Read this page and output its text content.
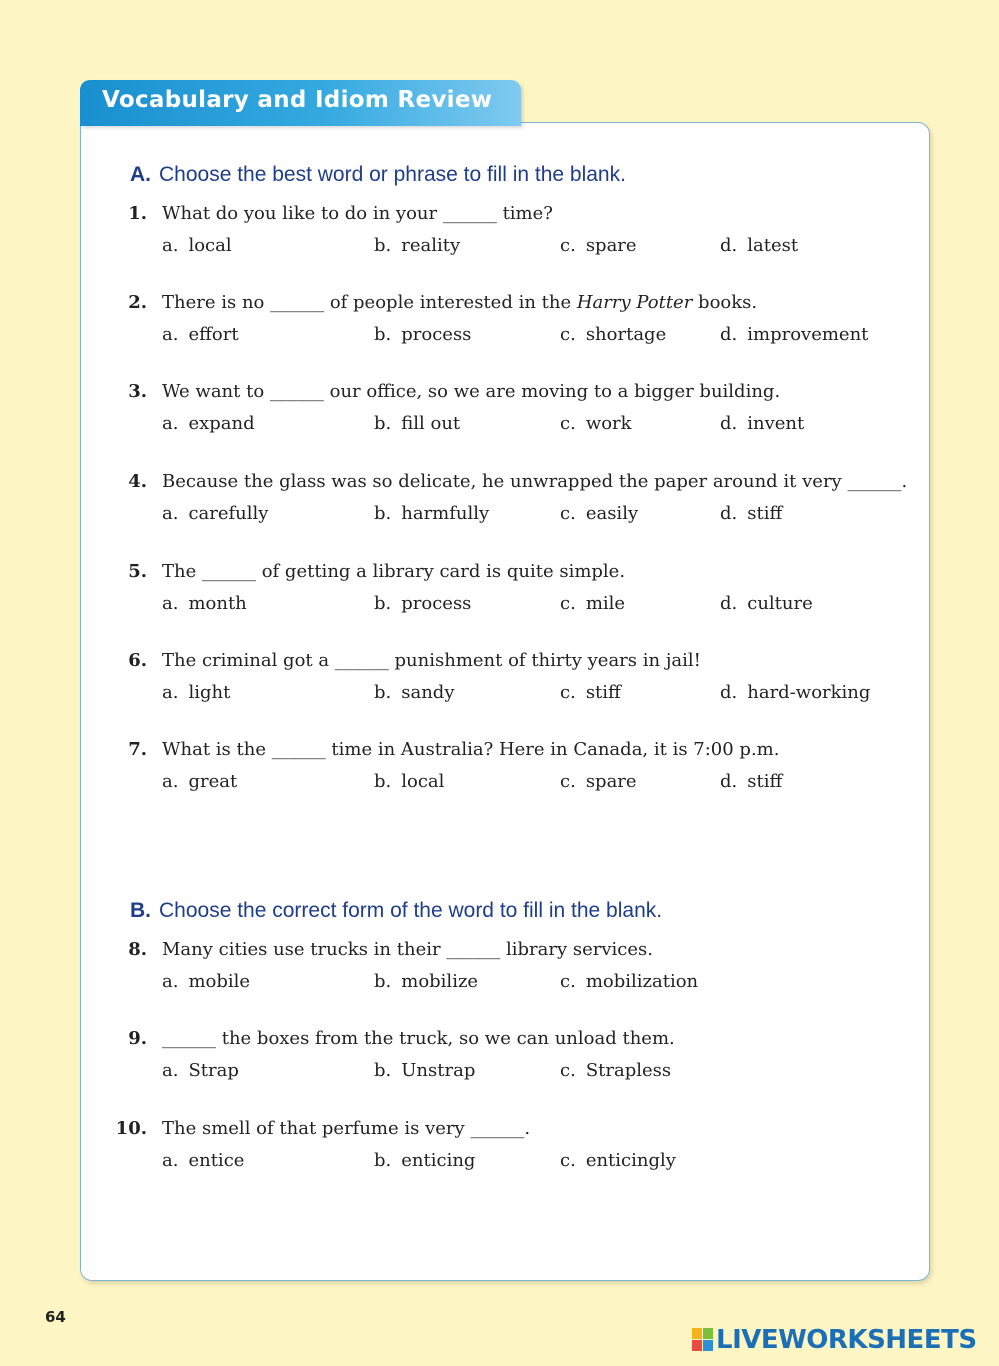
Vocabulary and Idiom Review
A. Choose the best word or phrase to fill in the blank.
1. What do you like to do in your ______ time?
a. local	b. reality	c. spare	d. latest
2. There is no ______ of people interested in the Harry Potter books.
a. effort	b. process	c. shortage	d. improvement
3. We want to ______ our office, so we are moving to a bigger building.
a. expand	b. fill out	c. work	d. invent
4. Because the glass was so delicate, he unwrapped the paper around it very ______.
a. carefully	b. harmfully	c. easily	d. stiff
5. The ______ of getting a library card is quite simple.
a. month	b. process	c. mile	d. culture
6. The criminal got a ______ punishment of thirty years in jail!
a. light	b. sandy	c. stiff	d. hard-working
7. What is the ______ time in Australia? Here in Canada, it is 7:00 p.m.
a. great	b. local	c. spare	d. stiff
B. Choose the correct form of the word to fill in the blank.
8. Many cities use trucks in their ______ library services.
a. mobile	b. mobilize	c. mobilization
9. ______ the boxes from the truck, so we can unload them.
a. Strap	b. Unstrap	c. Strapless
10. The smell of that perfume is very ______.
a. entice	b. enticing	c. enticingly
64
LIVEWORKSHEETS
